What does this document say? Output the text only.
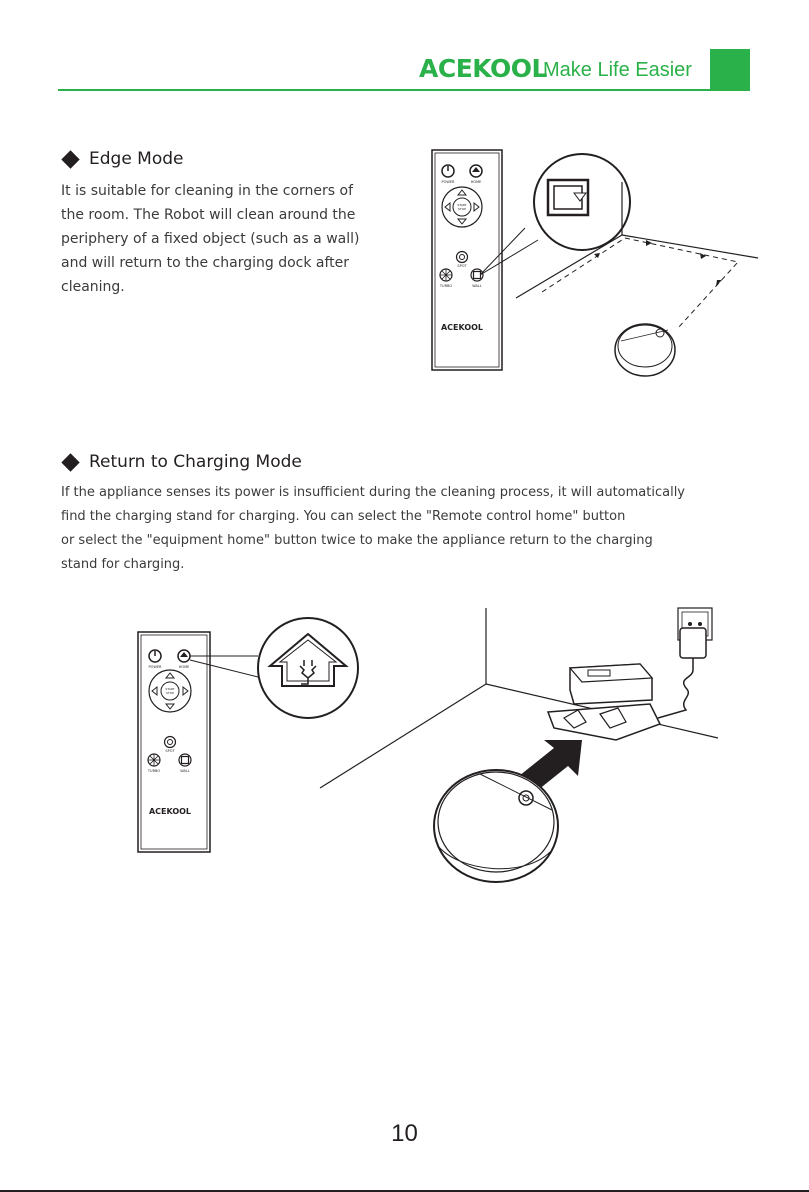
ACEKOOL
Make Life Easier
Edge Mode
It is suitable for cleaning in the corners of
the room. The Robot will clean around the
periphery of a fixed object (such as a wall)
and will return to the charging dock after
cleaning.
POWER	HOME
START
STOP
SPOT
TURBO	WALL
ACEKOOL
Return to Charging Mode
If the appliance senses its power is insufficient during the cleaning process, it will automatically
find the charging stand for charging. You can select the "Remote control home" button
or select the "equipment home" button twice to make the appliance return to the charging
stand for charging.
POWER	HOME
START
STOP
SPOT
TURBO	WALL
ACEKOOL
10
